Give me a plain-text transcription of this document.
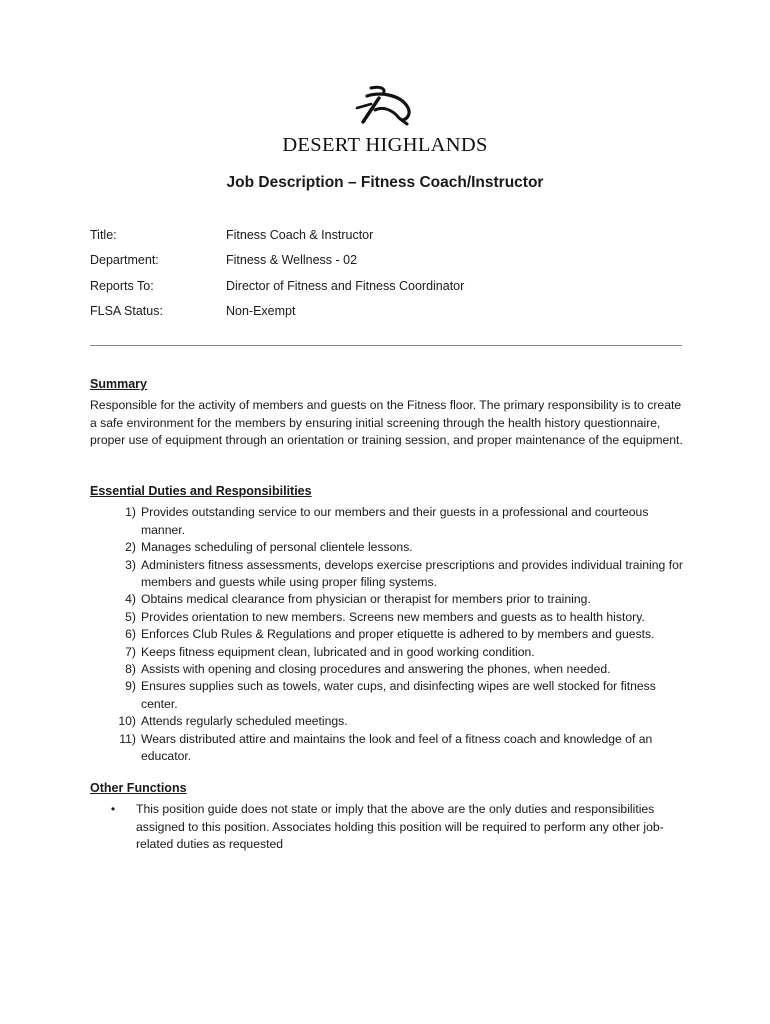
DESERT HIGHLANDS
Job Description – Fitness Coach/Instructor
Title:	Fitness Coach & Instructor
Department:	Fitness & Wellness - 02
Reports To:	Director of Fitness and Fitness Coordinator
FLSA Status:	Non-Exempt
Summary
Responsible for the activity of members and guests on the Fitness floor. The primary responsibility is to create a safe environment for the members by ensuring initial screening through the health history questionnaire, proper use of equipment through an orientation or training session, and proper maintenance of the equipment.
Essential Duties and Responsibilities
1) Provides outstanding service to our members and their guests in a professional and courteous manner.
2) Manages scheduling of personal clientele lessons.
3) Administers fitness assessments, develops exercise prescriptions and provides individual training for members and guests while using proper filing systems.
4) Obtains medical clearance from physician or therapist for members prior to training.
5) Provides orientation to new members. Screens new members and guests as to health history.
6) Enforces Club Rules & Regulations and proper etiquette is adhered to by members and guests.
7) Keeps fitness equipment clean, lubricated and in good working condition.
8) Assists with opening and closing procedures and answering the phones, when needed.
9) Ensures supplies such as towels, water cups, and disinfecting wipes are well stocked for fitness center.
10) Attends regularly scheduled meetings.
11) Wears distributed attire and maintains the look and feel of a fitness coach and knowledge of an educator.
Other Functions
•	This position guide does not state or imply that the above are the only duties and responsibilities assigned to this position. Associates holding this position will be required to perform any other job-related duties as requested
